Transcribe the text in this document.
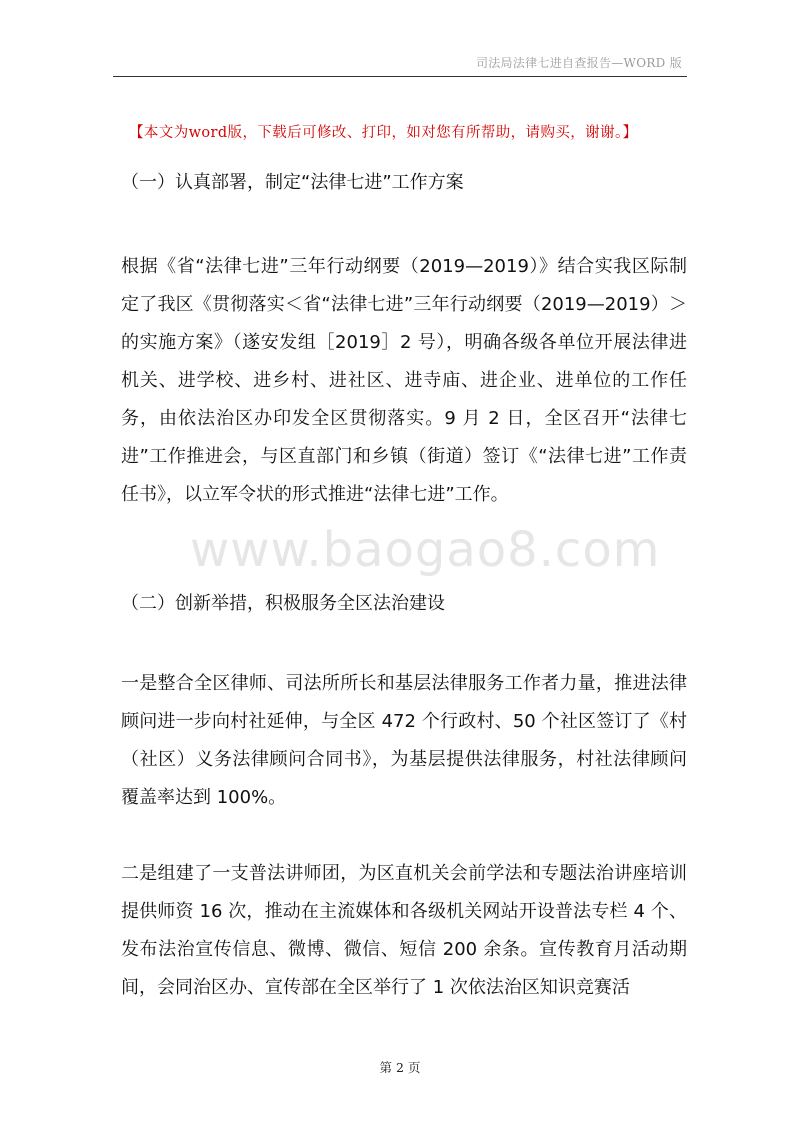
司法局法律七进自查报告—WORD 版
【本文为word版，下载后可修改、打印，如对您有所帮助，请购买，谢谢。】
www.baogao8.com
（一）认真部署，制定“法律七进”工作方案
根据《省“法律七进”三年行动纲要（2019—2019）》结合实我区际制定了我区《贯彻落实＜省“法律七进”三年行动纲要（2019—2019）＞的实施方案》（遂安发组［2019］2 号），明确各级各单位开展法律进机关、进学校、进乡村、进社区、进寺庙、进企业、进单位的工作任务，由依法治区办印发全区贯彻落实。9 月 2 日，全区召开“法律七进”工作推进会，与区直部门和乡镇（街道）签订《“法律七进”工作责任书》，以立军令状的形式推进“法律七进”工作。
（二）创新举措，积极服务全区法治建设
一是整合全区律师、司法所所长和基层法律服务工作者力量，推进法律顾问进一步向村社延伸，与全区 472 个行政村、50 个社区签订了《村（社区）义务法律顾问合同书》，为基层提供法律服务，村社法律顾问覆盖率达到 100%。
二是组建了一支普法讲师团，为区直机关会前学法和专题法治讲座培训提供师资 16 次，推动在主流媒体和各级机关网站开设普法专栏 4 个、发布法治宣传信息、微博、微信、短信 200 余条。宣传教育月活动期间，会同治区办、宣传部在全区举行了 1 次依法治区知识竞赛活
第 2 页
